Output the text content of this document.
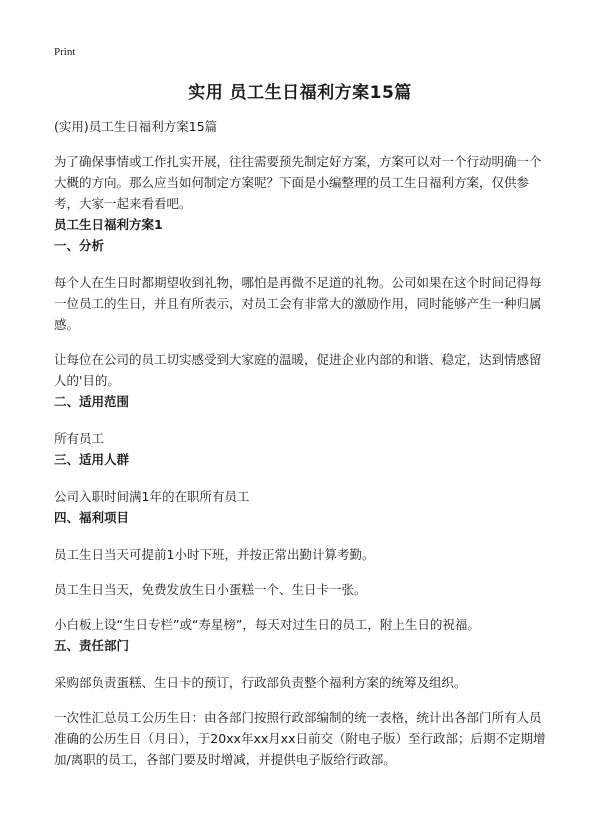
Print
实用 员工生日福利方案15篇

(实用)员工生日福利方案15篇

为了确保事情或工作扎实开展，往往需要预先制定好方案，方案可以对一个行动明确一个大概的方向。那么应当如何制定方案呢？下面是小编整理的员工生日福利方案，仅供参考，大家一起来看看吧。

员工生日福利方案1

一、分析

每个人在生日时都期望收到礼物，哪怕是再微不足道的礼物。公司如果在这个时间记得每一位员工的生日，并且有所表示，对员工会有非常大的激励作用，同时能够产生一种归属感。

让每位在公司的员工切实感受到大家庭的温暖，促进企业内部的和谐、稳定，达到情感留人的'目的。

二、适用范围

所有员工

三、适用人群

公司入职时间满1年的在职所有员工

四、福利项目

员工生日当天可提前1小时下班，并按正常出勤计算考勤。

员工生日当天，免费发放生日小蛋糕一个、生日卡一张。

小白板上设“生日专栏”或“寿星榜”，每天对过生日的员工，附上生日的祝福。

五、责任部门

采购部负责蛋糕、生日卡的预订，行政部负责整个福利方案的统筹及组织。

一次性汇总员工公历生日：由各部门按照行政部编制的统一表格，统计出各部门所有人员准确的公历生日（月日），于20xx年xx月xx日前交（附电子版）至行政部；后期不定期增加/离职的员工，各部门要及时增减，并提供电子版给行政部。
